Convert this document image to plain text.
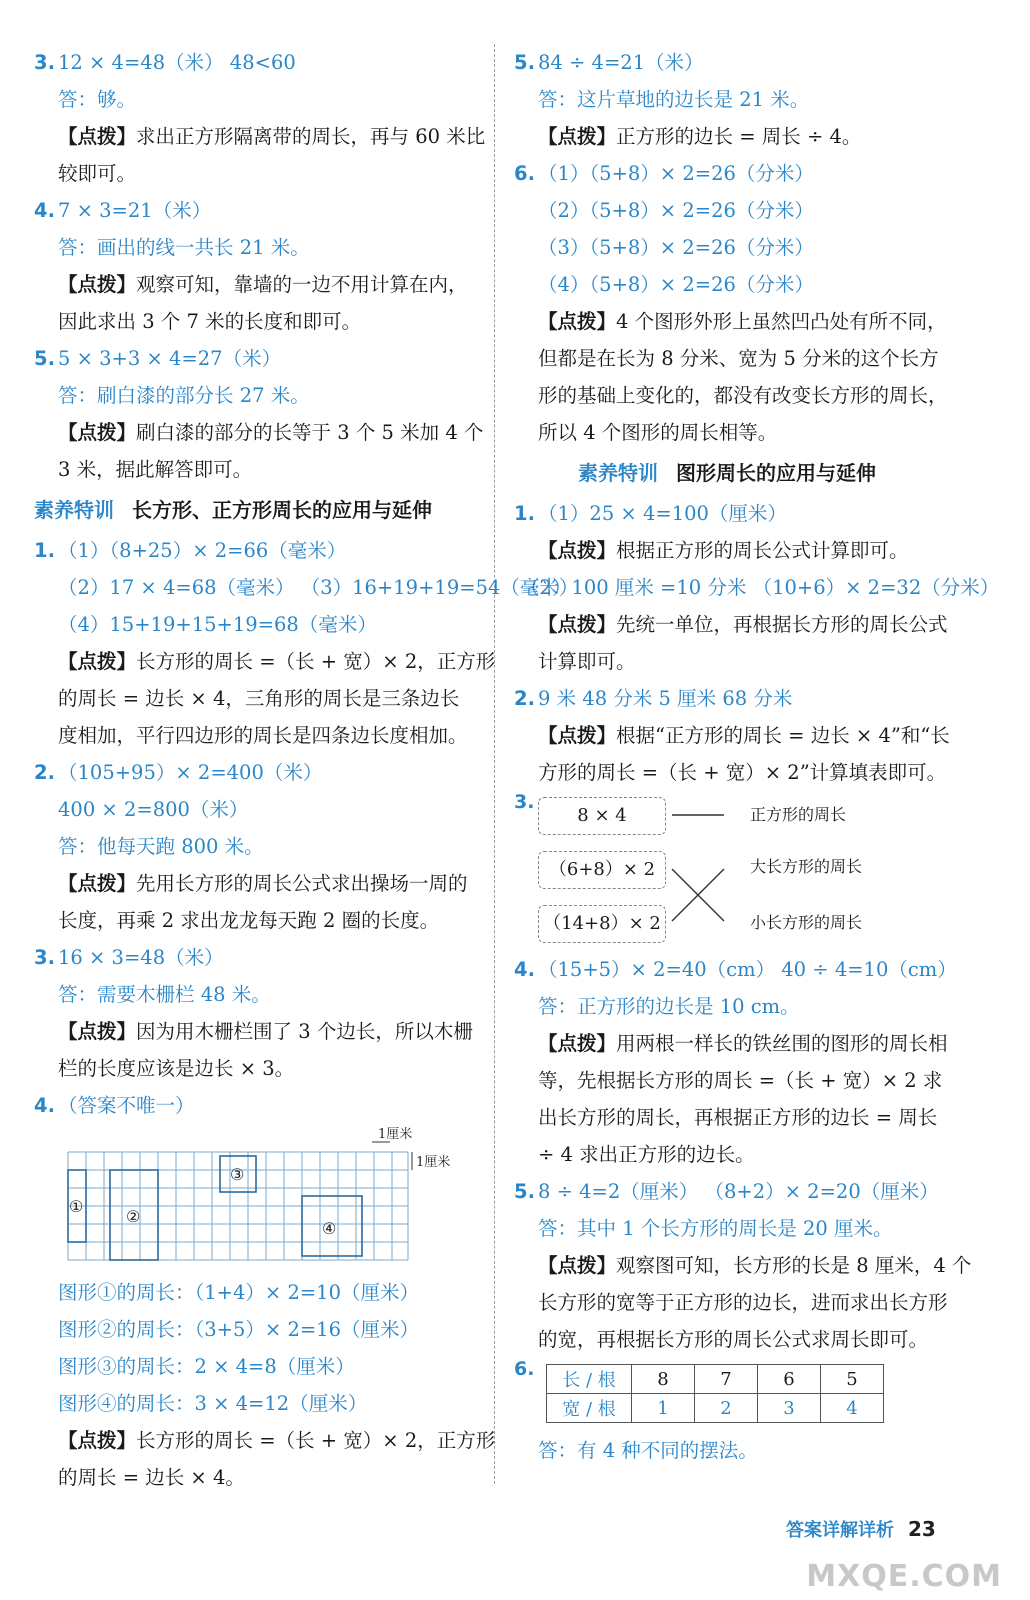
3. 12 × 4=48（米） 48<60
答：够。
【点拨】求出正方形隔离带的周长，再与 60 米比
较即可。
4. 7 × 3=21（米）
答：画出的线一共长 21 米。
【点拨】观察可知，靠墙的一边不用计算在内，
因此求出 3 个 7 米的长度和即可。
5. 5 × 3+3 × 4=27（米）
答：刷白漆的部分长 27 米。
【点拨】刷白漆的部分的长等于 3 个 5 米加 4 个
3 米，据此解答即可。
素养特训 长方形、正方形周长的应用与延伸
1. （1）（8+25）× 2=66（毫米）
（2）17 × 4=68（毫米） （3）16+19+19=54（毫米）
（4）15+19+15+19=68（毫米）
【点拨】长方形的周长 =（长 + 宽）× 2，正方形
的周长 = 边长 × 4，三角形的周长是三条边长
度相加，平行四边形的周长是四条边长度相加。
2. （105+95）× 2=400（米）
400 × 2=800（米）
答：他每天跑 800 米。
【点拨】先用长方形的周长公式求出操场一周的
长度，再乘 2 求出龙龙每天跑 2 圈的长度。
3. 16 × 3=48（米）
答：需要木栅栏 48 米。
【点拨】因为用木栅栏围了 3 个边长，所以木栅
栏的长度应该是边长 × 3。
4. （答案不唯一）
1厘米
1厘米
①
②
③
④
图形①的周长：（1+4）× 2=10（厘米）
图形②的周长：（3+5）× 2=16（厘米）
图形③的周长：2 × 4=8（厘米）
图形④的周长：3 × 4=12（厘米）
【点拨】长方形的周长 =（长 + 宽）× 2，正方形
的周长 = 边长 × 4。
5. 84 ÷ 4=21（米）
答：这片草地的边长是 21 米。
【点拨】正方形的边长 = 周长 ÷ 4。
6. （1）（5+8）× 2=26（分米）
（2）（5+8）× 2=26（分米）
（3）（5+8）× 2=26（分米）
（4）（5+8）× 2=26（分米）
【点拨】4 个图形外形上虽然凹凸处有所不同，
但都是在长为 8 分米、宽为 5 分米的这个长方
形的基础上变化的，都没有改变长方形的周长，
所以 4 个图形的周长相等。
素养特训 图形周长的应用与延伸
1. （1）25 × 4=100（厘米）
【点拨】根据正方形的周长公式计算即可。
（2）100 厘米 =10 分米 （10+6）× 2=32（分米）
【点拨】先统一单位，再根据长方形的周长公式
计算即可。
2. 9 米 48 分米 5 厘米 68 分米
【点拨】根据“正方形的周长 = 边长 × 4”和“长
方形的周长 =（长 + 宽）× 2”计算填表即可。
3.
8 × 4
（6+8）× 2
（14+8）× 2
正方形的周长
大长方形的周长
小长方形的周长
4. （15+5）× 2=40（cm） 40 ÷ 4=10（cm）
答：正方形的边长是 10 cm。
【点拨】用两根一样长的铁丝围的图形的周长相
等，先根据长方形的周长 =（长 + 宽）× 2 求
出长方形的周长，再根据正方形的边长 = 周长
÷ 4 求出正方形的边长。
5. 8 ÷ 4=2（厘米） （8+2）× 2=20（厘米）
答：其中 1 个长方形的周长是 20 厘米。
【点拨】观察图可知，长方形的长是 8 厘米，4 个
长方形的宽等于正方形的边长，进而求出长方形
的宽，再根据长方形的周长公式求周长即可。
6.
长 / 根	8	7	6	5
宽 / 根	1	2	3	4
答：有 4 种不同的摆法。
答案详解详析 23
MXQE.COM
